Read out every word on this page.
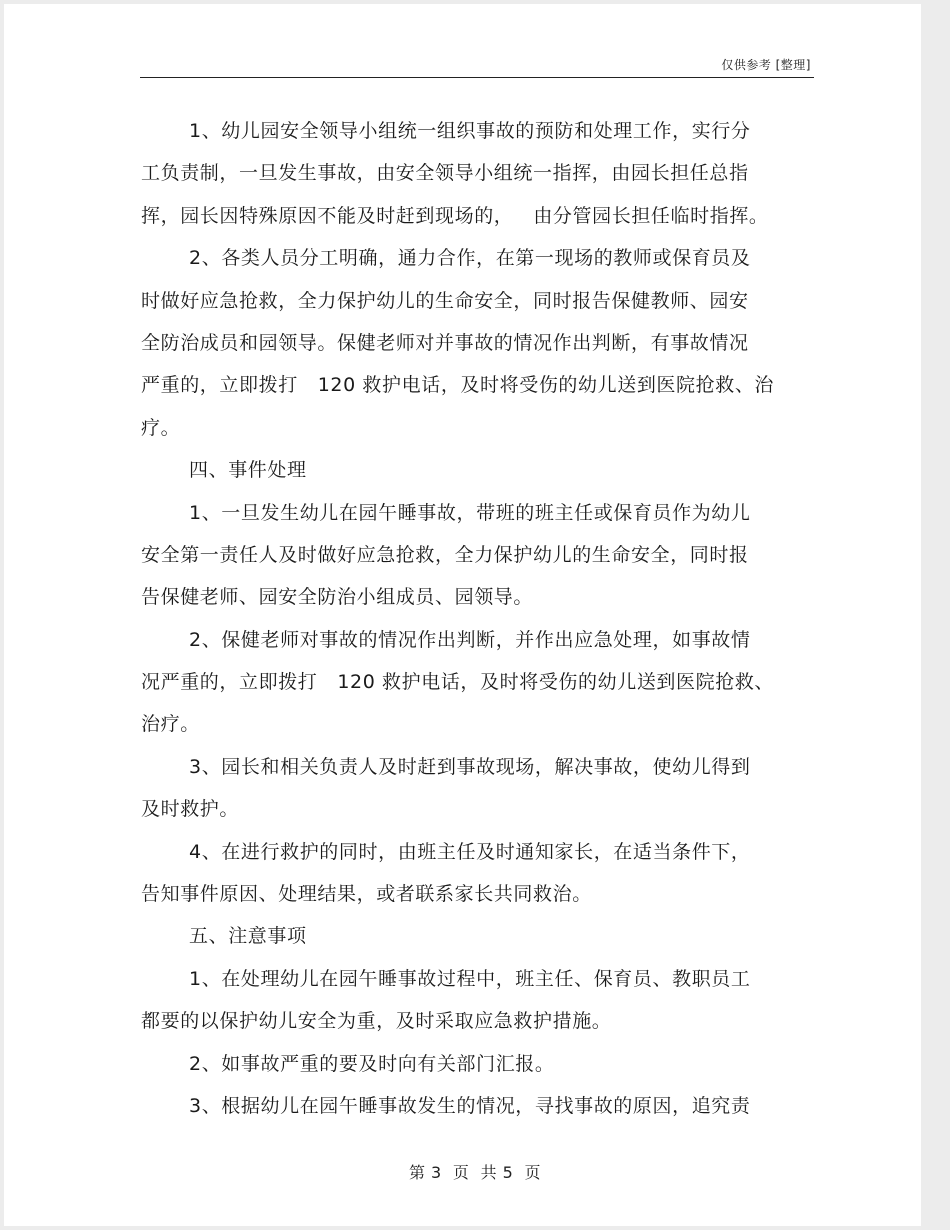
仅供参考 [整理]
1、幼儿园安全领导小组统一组织事故的预防和处理工作，实行分
工负责制，一旦发生事故，由安全领导小组统一指挥，由园长担任总指
挥，园长因特殊原因不能及时赶到现场的，   由分管园长担任临时指挥。
2、各类人员分工明确，通力合作，在第一现场的教师或保育员及
时做好应急抢救，全力保护幼儿的生命安全，同时报告保健教师、园安
全防治成员和园领导。保健老师对并事故的情况作出判断，有事故情况
严重的，立即拨打   120 救护电话，及时将受伤的幼儿送到医院抢救、治
疗。
四、事件处理
1、一旦发生幼儿在园午睡事故，带班的班主任或保育员作为幼儿
安全第一责任人及时做好应急抢救，全力保护幼儿的生命安全，同时报
告保健老师、园安全防治小组成员、园领导。
2、保健老师对事故的情况作出判断，并作出应急处理，如事故情
况严重的，立即拨打   120 救护电话，及时将受伤的幼儿送到医院抢救、
治疗。
3、园长和相关负责人及时赶到事故现场，解决事故，使幼儿得到
及时救护。
4、在进行救护的同时，由班主任及时通知家长，在适当条件下，
告知事件原因、处理结果，或者联系家长共同救治。
五、注意事项
1、在处理幼儿在园午睡事故过程中，班主任、保育员、教职员工
都要的以保护幼儿安全为重，及时采取应急救护措施。
2、如事故严重的要及时向有关部门汇报。
3、根据幼儿在园午睡事故发生的情况，寻找事故的原因，追究责
第 3  页  共 5  页
